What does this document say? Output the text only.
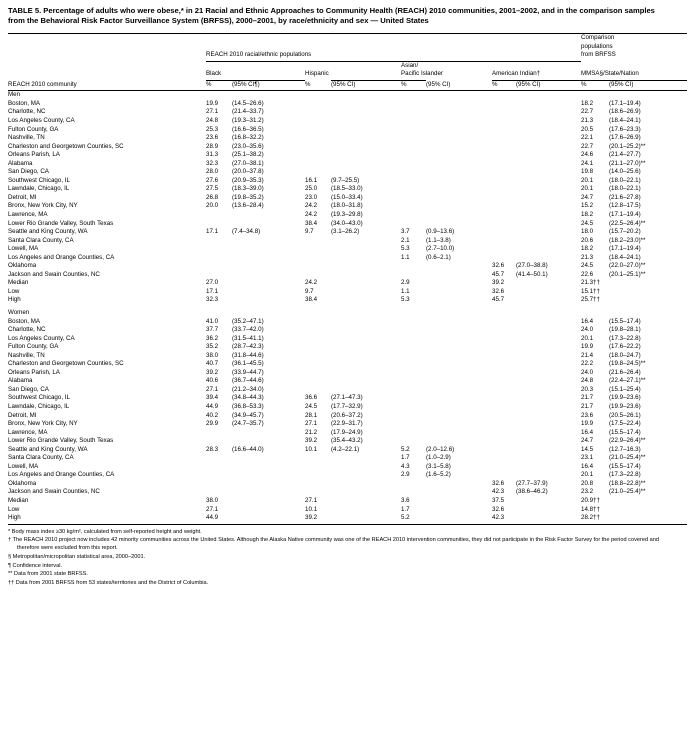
TABLE 5. Percentage of adults who were obese,* in 21 Racial and Ethnic Approaches to Community Health (REACH) 2010 communities, 2001–2002, and in the comparison samples from the Behavioral Risk Factor Surveillance System (BRFSS), 2000–2001, by race/ethnicity and sex — United States

	REACH 2010 racial/ethnic populations								Comparison
populations
from BRFSS		

	Black		Hispanic		Asian/
Pacific Islander		American Indian†		MMSA§/State/Nation		

REACH 2010 community	%	(95% CI¶)	%	(95% CI)	%	(95% CI)	%	(95% CI)	%	(95% CI)	

Men											
Boston, MA	19.9	(14.5–26.6)							18.2	(17.1–19.4)	
Charlotte, NC	27.1	(21.4–33.7)							22.7	(18.6–26.9)	
Los Angeles County, CA	24.8	(19.3–31.2)							21.3	(18.4–24.1)	
Fulton County, GA	25.3	(16.6–36.5)							20.5	(17.6–23.3)	
Nashville, TN	23.6	(16.8–32.2)							22.1	(17.6–26.9)	
Charleston and Georgetown Counties, SC	28.9	(23.0–35.6)							22.7	(20.1–25.2)**	
Orleans Parish, LA	31.3	(25.1–38.2)							24.6	(21.4–27.7)	
Alabama	32.3	(27.0–38.1)							24.1	(21.1–27.0)**	
San Diego, CA	28.0	(20.0–37.8)							19.8	(14.0–25.6)	
Southwest Chicago, IL	27.6	(20.9–35.3)	16.1	(9.7–25.5)					20.1	(18.0–22.1)	
Lawndale, Chicago, IL	27.5	(18.3–39.0)	25.0	(18.5–33.0)					20.1	(18.0–22.1)	
Detroit, MI	26.8	(19.8–35.2)	23.0	(15.0–33.4)					24.7	(21.6–27.8)	
Bronx, New York City, NY	20.0	(13.6–28.4)	24.2	(18.0–31.8)					15.2	(12.8–17.5)	
Lawrence, MA			24.2	(19.3–29.8)					18.2	(17.1–19.4)	
Lower Rio Grande Valley, South Texas			38.4	(34.0–43.0)					24.5	(22.5–26.4)**	
Seattle and King County, WA	17.1	(7.4–34.8)	9.7	(3.1–26.2)	3.7	(0.9–13.6)			18.0	(15.7–20.2)	
Santa Clara County, CA					2.1	(1.1–3.8)			20.6	(18.2–23.0)**	
Lowell, MA					5.3	(2.7–10.0)			18.2	(17.1–19.4)	
Los Angeles and Orange Counties, CA					1.1	(0.6–2.1)			21.3	(18.4–24.1)	
Oklahoma							32.6	(27.0–38.8)	24.5	(22.0–27.0)**	
Jackson and Swain Counties, NC							45.7	(41.4–50.1)	22.6	(20.1–25.1)**	
Median	27.0		24.2		2.9		39.2		21.3††		
Low	17.1		9.7		1.1		32.6		15.1††		
High	32.3		38.4		5.3		45.7		25.7††		

Women											
Boston, MA	41.0	(35.2–47.1)							16.4	(15.5–17.4)	
Charlotte, NC	37.7	(33.7–42.0)							24.0	(19.8–28.1)	
Los Angeles County, CA	36.2	(31.5–41.1)							20.1	(17.3–22.8)	
Fulton County, GA	35.2	(28.7–42.3)							19.9	(17.6–22.2)	
Nashville, TN	38.0	(31.8–44.6)							21.4	(18.0–24.7)	
Charleston and Georgetown Counties, SC	40.7	(36.1–45.5)							22.2	(19.8–24.5)**	
Orleans Parish, LA	39.2	(33.9–44.7)							24.0	(21.6–26.4)	
Alabama	40.6	(36.7–44.6)							24.8	(22.4–27.1)**	
San Diego, CA	27.1	(21.2–34.0)							20.3	(15.1–25.4)	
Southwest Chicago, IL	39.4	(34.8–44.3)	36.6	(27.1–47.3)					21.7	(19.9–23.6)	
Lawndale, Chicago, IL	44.9	(36.8–53.3)	24.5	(17.7–32.9)					21.7	(19.9–23.6)	
Detroit, MI	40.2	(34.9–45.7)	28.1	(20.6–37.2)					23.6	(20.5–26.1)	
Bronx, New York City, NY	29.9	(24.7–35.7)	27.1	(22.9–31.7)					19.9	(17.5–22.4)	
Lawrence, MA			21.2	(17.9–24.9)					16.4	(15.5–17.4)	
Lower Rio Grande Valley, South Texas			39.2	(35.4–43.2)					24.7	(22.9–26.4)**	
Seattle and King County, WA	28.3	(16.6–44.0)	10.1	(4.2–22.1)	5.2	(2.0–12.6)			14.5	(12.7–16.3)	
Santa Clara County, CA					1.7	(1.0–2.9)			23.1	(21.0–25.4)**	
Lowell, MA					4.3	(3.1–5.8)			16.4	(15.5–17.4)	
Los Angeles and Orange Counties, CA					2.9	(1.6–5.2)			20.1	(17.3–22.8)	
Oklahoma							32.6	(27.7–37.9)	20.8	(18.8–22.8)**	
Jackson and Swain Counties, NC							42.3	(38.6–46.2)	23.2	(21.0–25.4)**	
Median	38.0		27.1		3.6		37.5		20.9††		
Low	27.1		10.1		1.7		32.6		14.8††		
High	44.9		39.2		5.2		42.3		28.2††		

* Body mass index ≥30 kg/m², calculated from self-reported height and weight.
† The REACH 2010 project now includes 42 minority communities across the United States. Although the Alaska Native community was one of the REACH 2010 intervention communities, they did not participate in the Risk Factor Survey for the period covered and therefore were excluded from this report.
§ Metropolitan/micropolitan statistical area, 2000–2001.
¶ Confidence interval.
** Data from 2001 state BRFSS.
†† Data from 2001 BRFSS from 53 states/territories and the District of Columbia.
